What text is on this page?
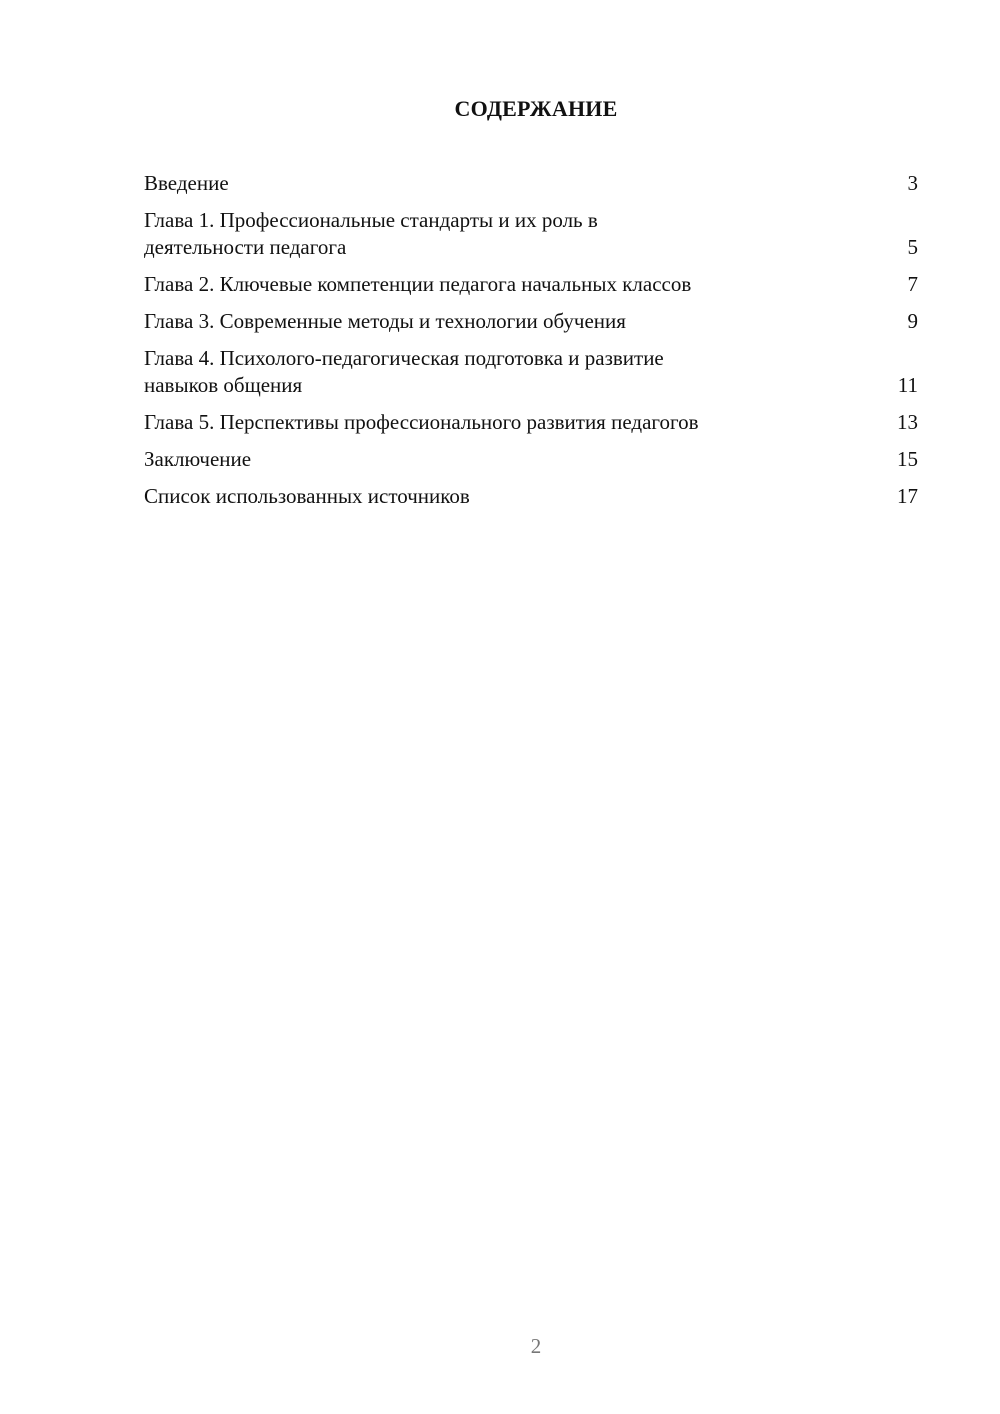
СОДЕРЖАНИЕ
Введение	3
Глава 1. Профессиональные стандарты и их роль в
деятельности педагога	5
Глава 2. Ключевые компетенции педагога начальных классов	7
Глава 3. Современные методы и технологии обучения	9
Глава 4. Психолого-педагогическая подготовка и развитие
навыков общения	11
Глава 5. Перспективы профессионального развития педагогов	13
Заключение	15
Список использованных источников	17
2
